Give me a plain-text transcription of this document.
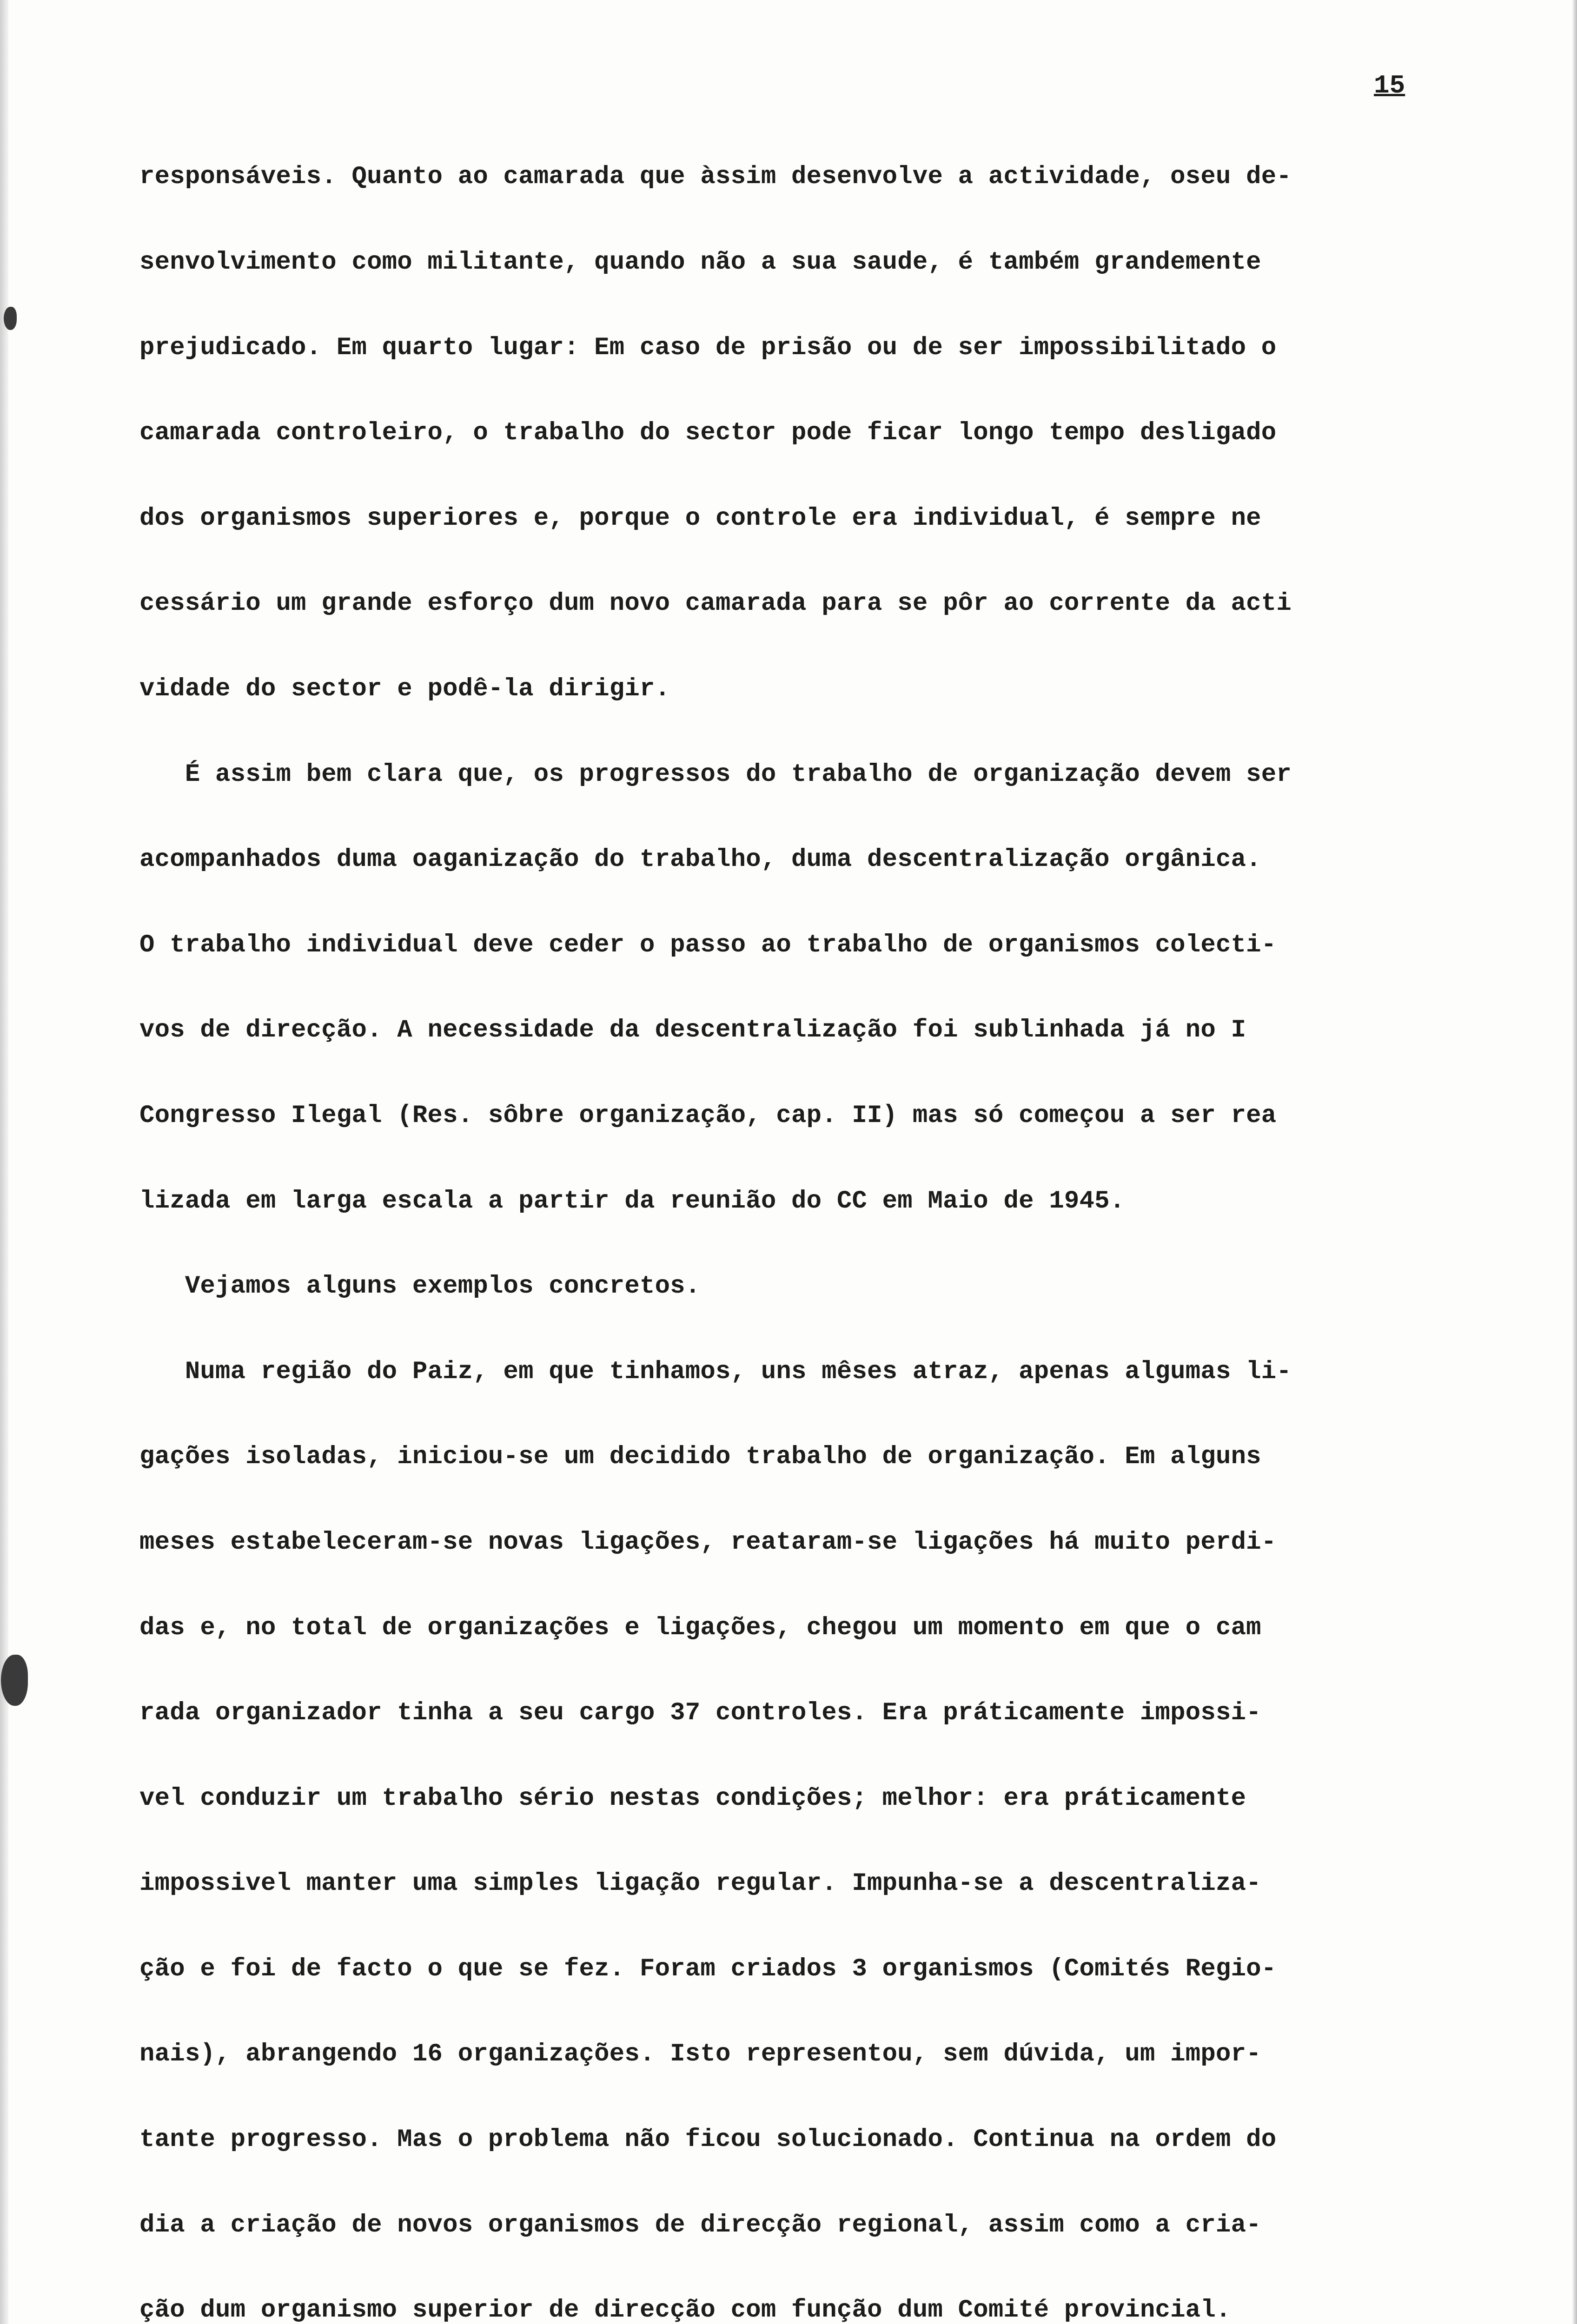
15

responsáveis. Quanto ao camarada que àssim desenvolve a actividade, oseu de-

senvolvimento como militante, quando não a sua saude, é também grandemente

prejudicado. Em quarto lugar: Em caso de prisão ou de ser impossibilitado o

camarada controleiro, o trabalho do sector pode ficar longo tempo desligado

dos organismos superiores e, porque o controle era individual, é sempre ne

cessário um grande esforço dum novo camarada para se pôr ao corrente da acti

vidade do sector e podê-la dirigir.

É assim bem clara que, os progressos do trabalho de organização devem ser

acompanhados duma oaganização do trabalho, duma descentralização orgânica.

O trabalho individual deve ceder o passo ao trabalho de organismos colecti-

vos de direcção. A necessidade da descentralização foi sublinhada já no I

Congresso Ilegal (Res. sôbre organização, cap. II) mas só começou a ser rea

lizada em larga escala a partir da reunião do CC em Maio de 1945.

Vejamos alguns exemplos concretos.

Numa região do Paiz, em que tinhamos, uns mêses atraz, apenas algumas li-

gações isoladas, iniciou-se um decidido trabalho de organização. Em alguns

meses estabeleceram-se novas ligações, reataram-se ligações há muito perdi-

das e, no total de organizações e ligações, chegou um momento em que o cam

rada organizador tinha a seu cargo 37 controles. Era práticamente impossi-

vel conduzir um trabalho sério nestas condições; melhor: era práticamente

impossivel manter uma simples ligação regular. Impunha-se a descentraliza-

ção e foi de facto o que se fez. Foram criados 3 organismos (Comités Regio-

nais), abrangendo 16 organizações. Isto representou, sem dúvida, um impor-

tante progresso. Mas o problema não ficou solucionado. Continua na ordem do

dia a criação de novos organismos de direcção regional, assim como a cria-

ção dum organismo superior de direcção com função dum Comité provincial.
